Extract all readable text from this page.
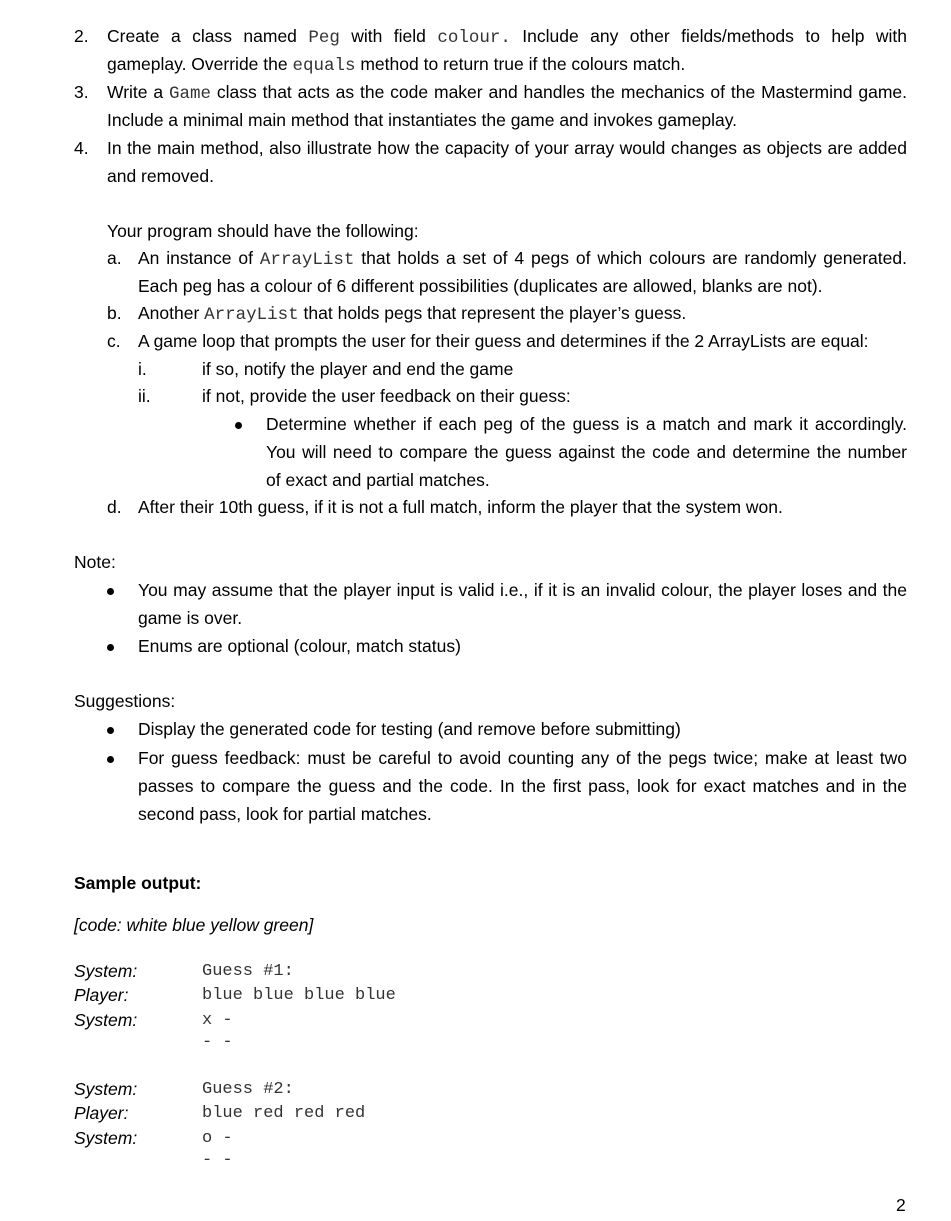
2. Create a class named Peg with field colour. Include any other fields/methods to help with
gameplay. Override the equals method to return true if the colours match.
3. Write a Game class that acts as the code maker and handles the mechanics of the Mastermind game.
Include a minimal main method that instantiates the game and invokes gameplay.
4. In the main method, also illustrate how the capacity of your array would changes as objects are added
and removed.
Your program should have the following:
a. An instance of ArrayList that holds a set of 4 pegs of which colours are randomly generated.
Each peg has a colour of 6 different possibilities (duplicates are allowed, blanks are not).
b. Another ArrayList that holds pegs that represent the player’s guess.
c. A game loop that prompts the user for their guess and determines if the 2 ArrayLists are equal:
i.	if so, notify the player and end the game
ii.	if not, provide the user feedback on their guess:
Determine whether if each peg of the guess is a match and mark it accordingly.
You will need to compare the guess against the code and determine the number
of exact and partial matches.
d. After their 10th guess, if it is not a full match, inform the player that the system won.
Note:
You may assume that the player input is valid i.e., if it is an invalid colour, the player loses and the
game is over.
Enums are optional (colour, match status)
Suggestions:
Display the generated code for testing (and remove before submitting)
For guess feedback: must be careful to avoid counting any of the pegs twice; make at least two
passes to compare the guess and the code. In the first pass, look for exact matches and in the
second pass, look for partial matches.
Sample output:
[code: white blue yellow green]
System:	Guess #1:
Player:	blue blue blue blue
System:	x -
- -
System:	Guess #2:
Player:	blue red red red
System:	o -
- -
2
